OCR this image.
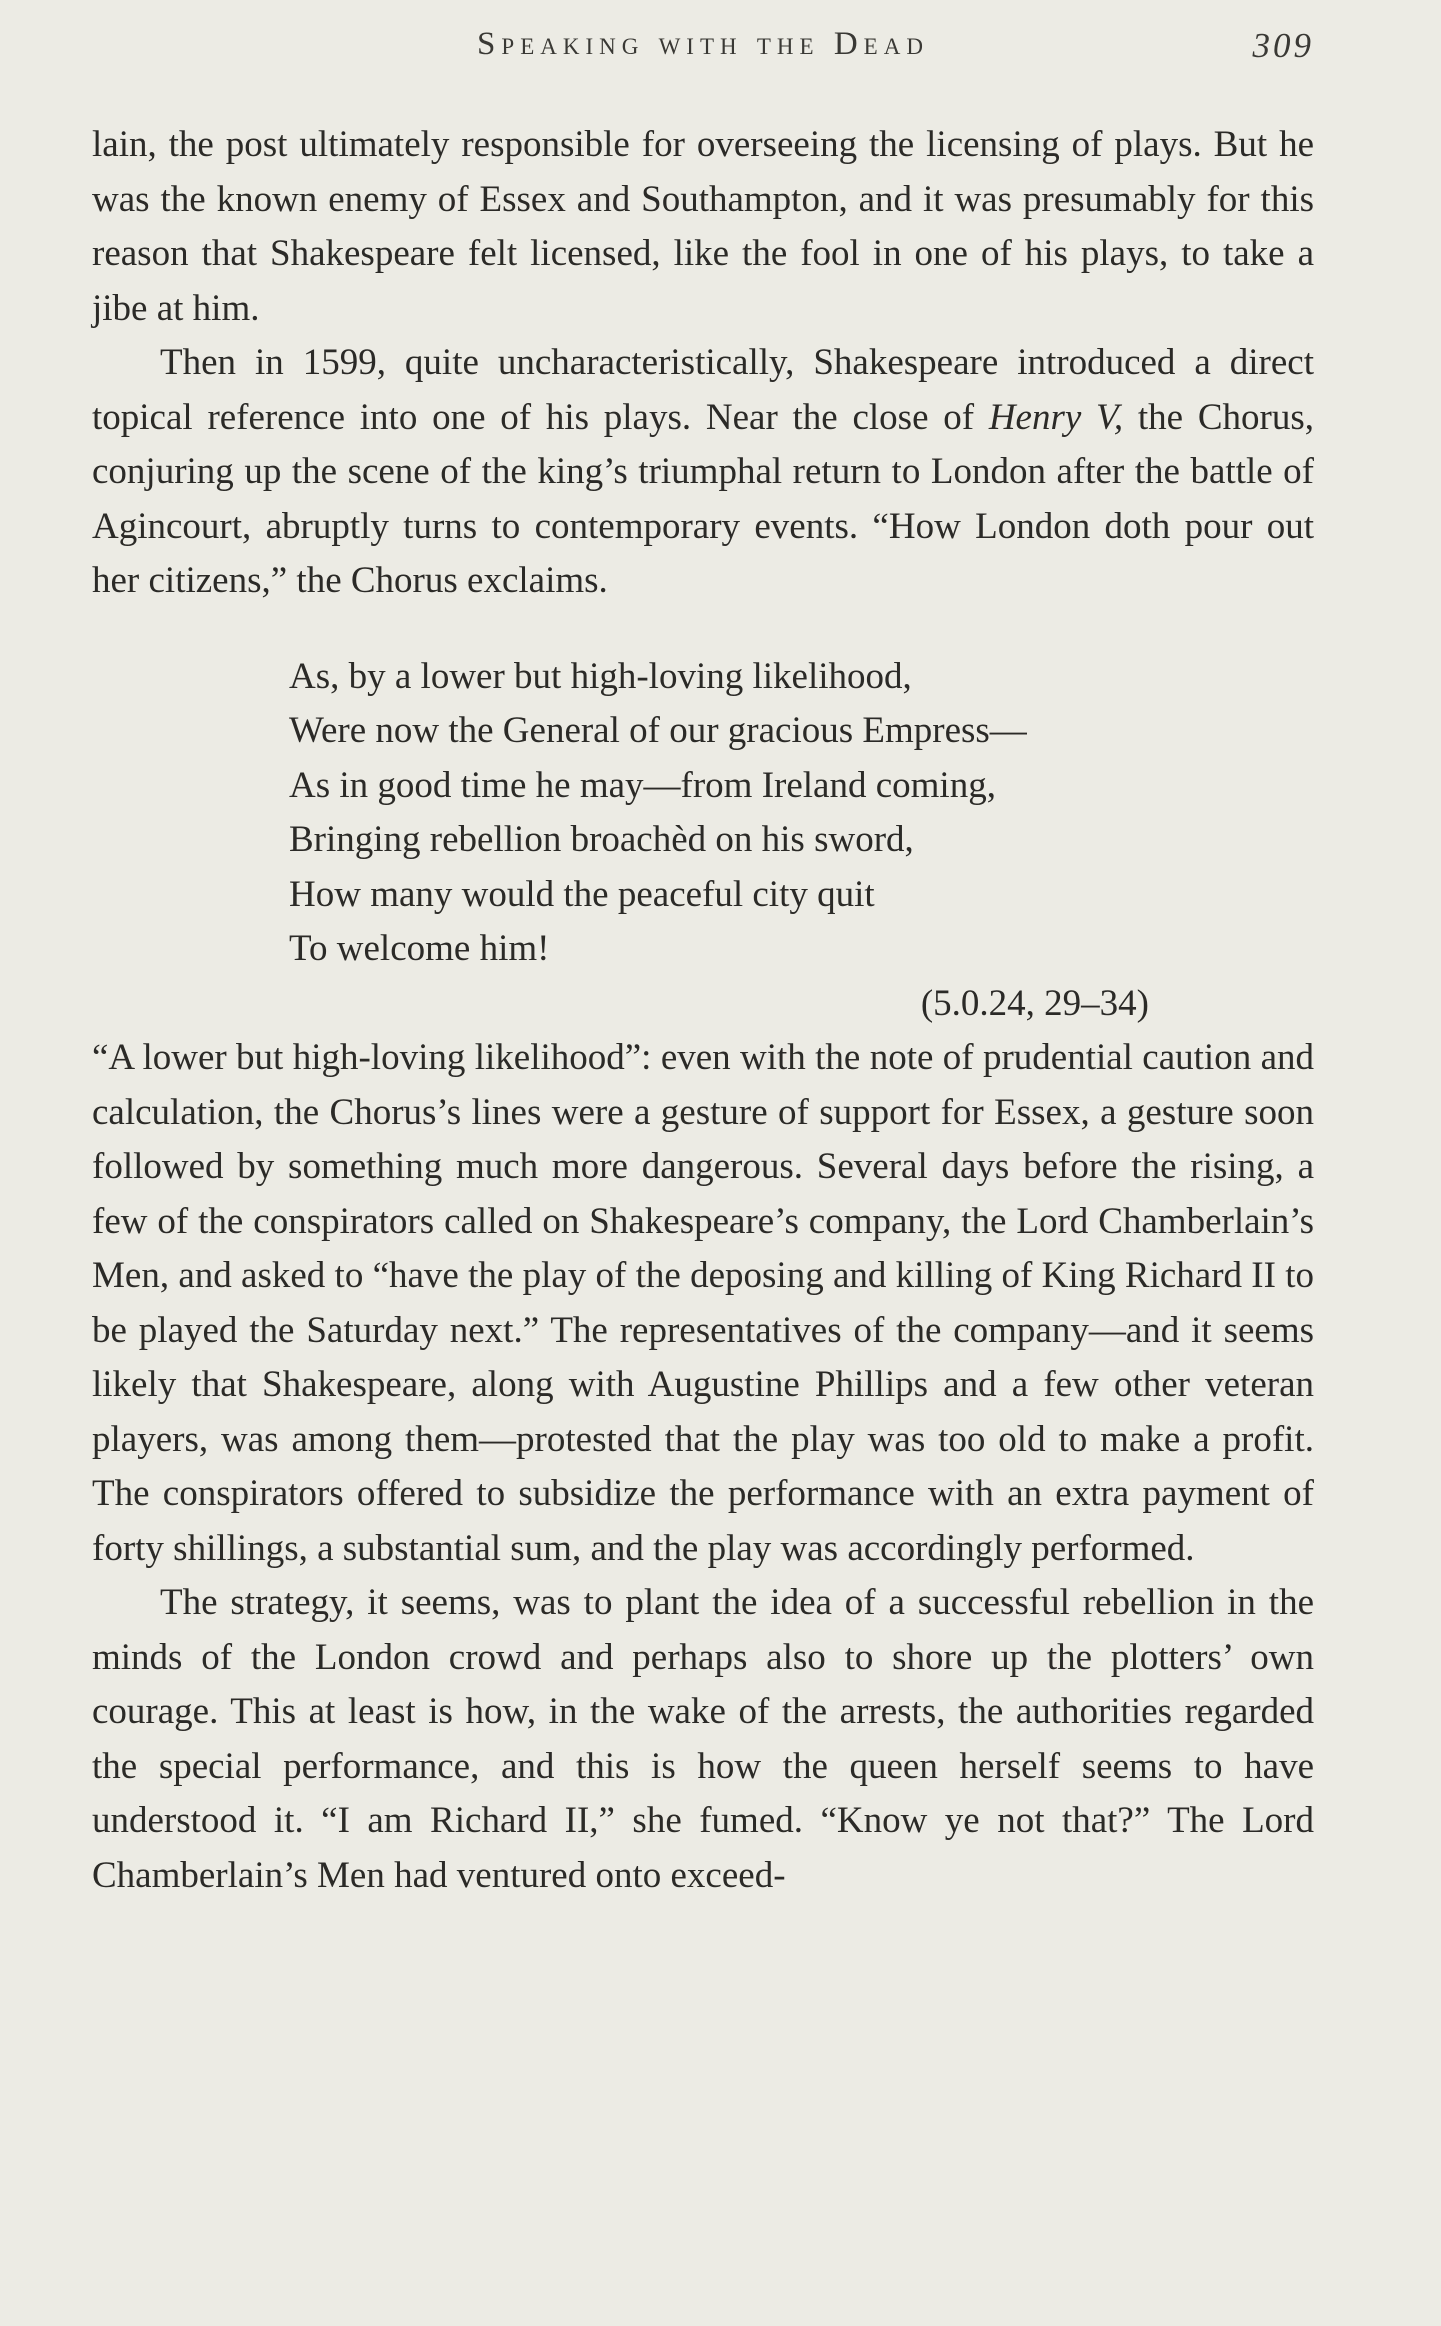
Speaking with the Dead	309

lain, the post ultimately responsible for overseeing the licensing of plays. But he was the known enemy of Essex and Southampton, and it was presumably for this reason that Shakespeare felt licensed, like the fool in one of his plays, to take a jibe at him.

Then in 1599, quite uncharacteristically, Shakespeare introduced a direct topical reference into one of his plays. Near the close of Henry V, the Chorus, conjuring up the scene of the king’s triumphal return to London after the battle of Agincourt, abruptly turns to contemporary events. “How London doth pour out her citizens,” the Chorus exclaims.

As, by a lower but high-loving likelihood,
Were now the General of our gracious Empress—
As in good time he may—from Ireland coming,
Bringing rebellion broachèd on his sword,
How many would the peaceful city quit
To welcome him!
(5.0.24, 29–34)

“A lower but high-loving likelihood”: even with the note of prudential caution and calculation, the Chorus’s lines were a gesture of support for Essex, a gesture soon followed by something much more dangerous. Several days before the rising, a few of the conspirators called on Shakespeare’s company, the Lord Chamberlain’s Men, and asked to “have the play of the deposing and killing of King Richard II to be played the Saturday next.” The representatives of the company—and it seems likely that Shakespeare, along with Augustine Phillips and a few other veteran players, was among them—protested that the play was too old to make a profit. The conspirators offered to subsidize the performance with an extra payment of forty shillings, a substantial sum, and the play was accordingly performed.

The strategy, it seems, was to plant the idea of a successful rebellion in the minds of the London crowd and perhaps also to shore up the plotters’ own courage. This at least is how, in the wake of the arrests, the authorities regarded the special performance, and this is how the queen herself seems to have understood it. “I am Richard II,” she fumed. “Know ye not that?” The Lord Chamberlain’s Men had ventured onto exceed-
